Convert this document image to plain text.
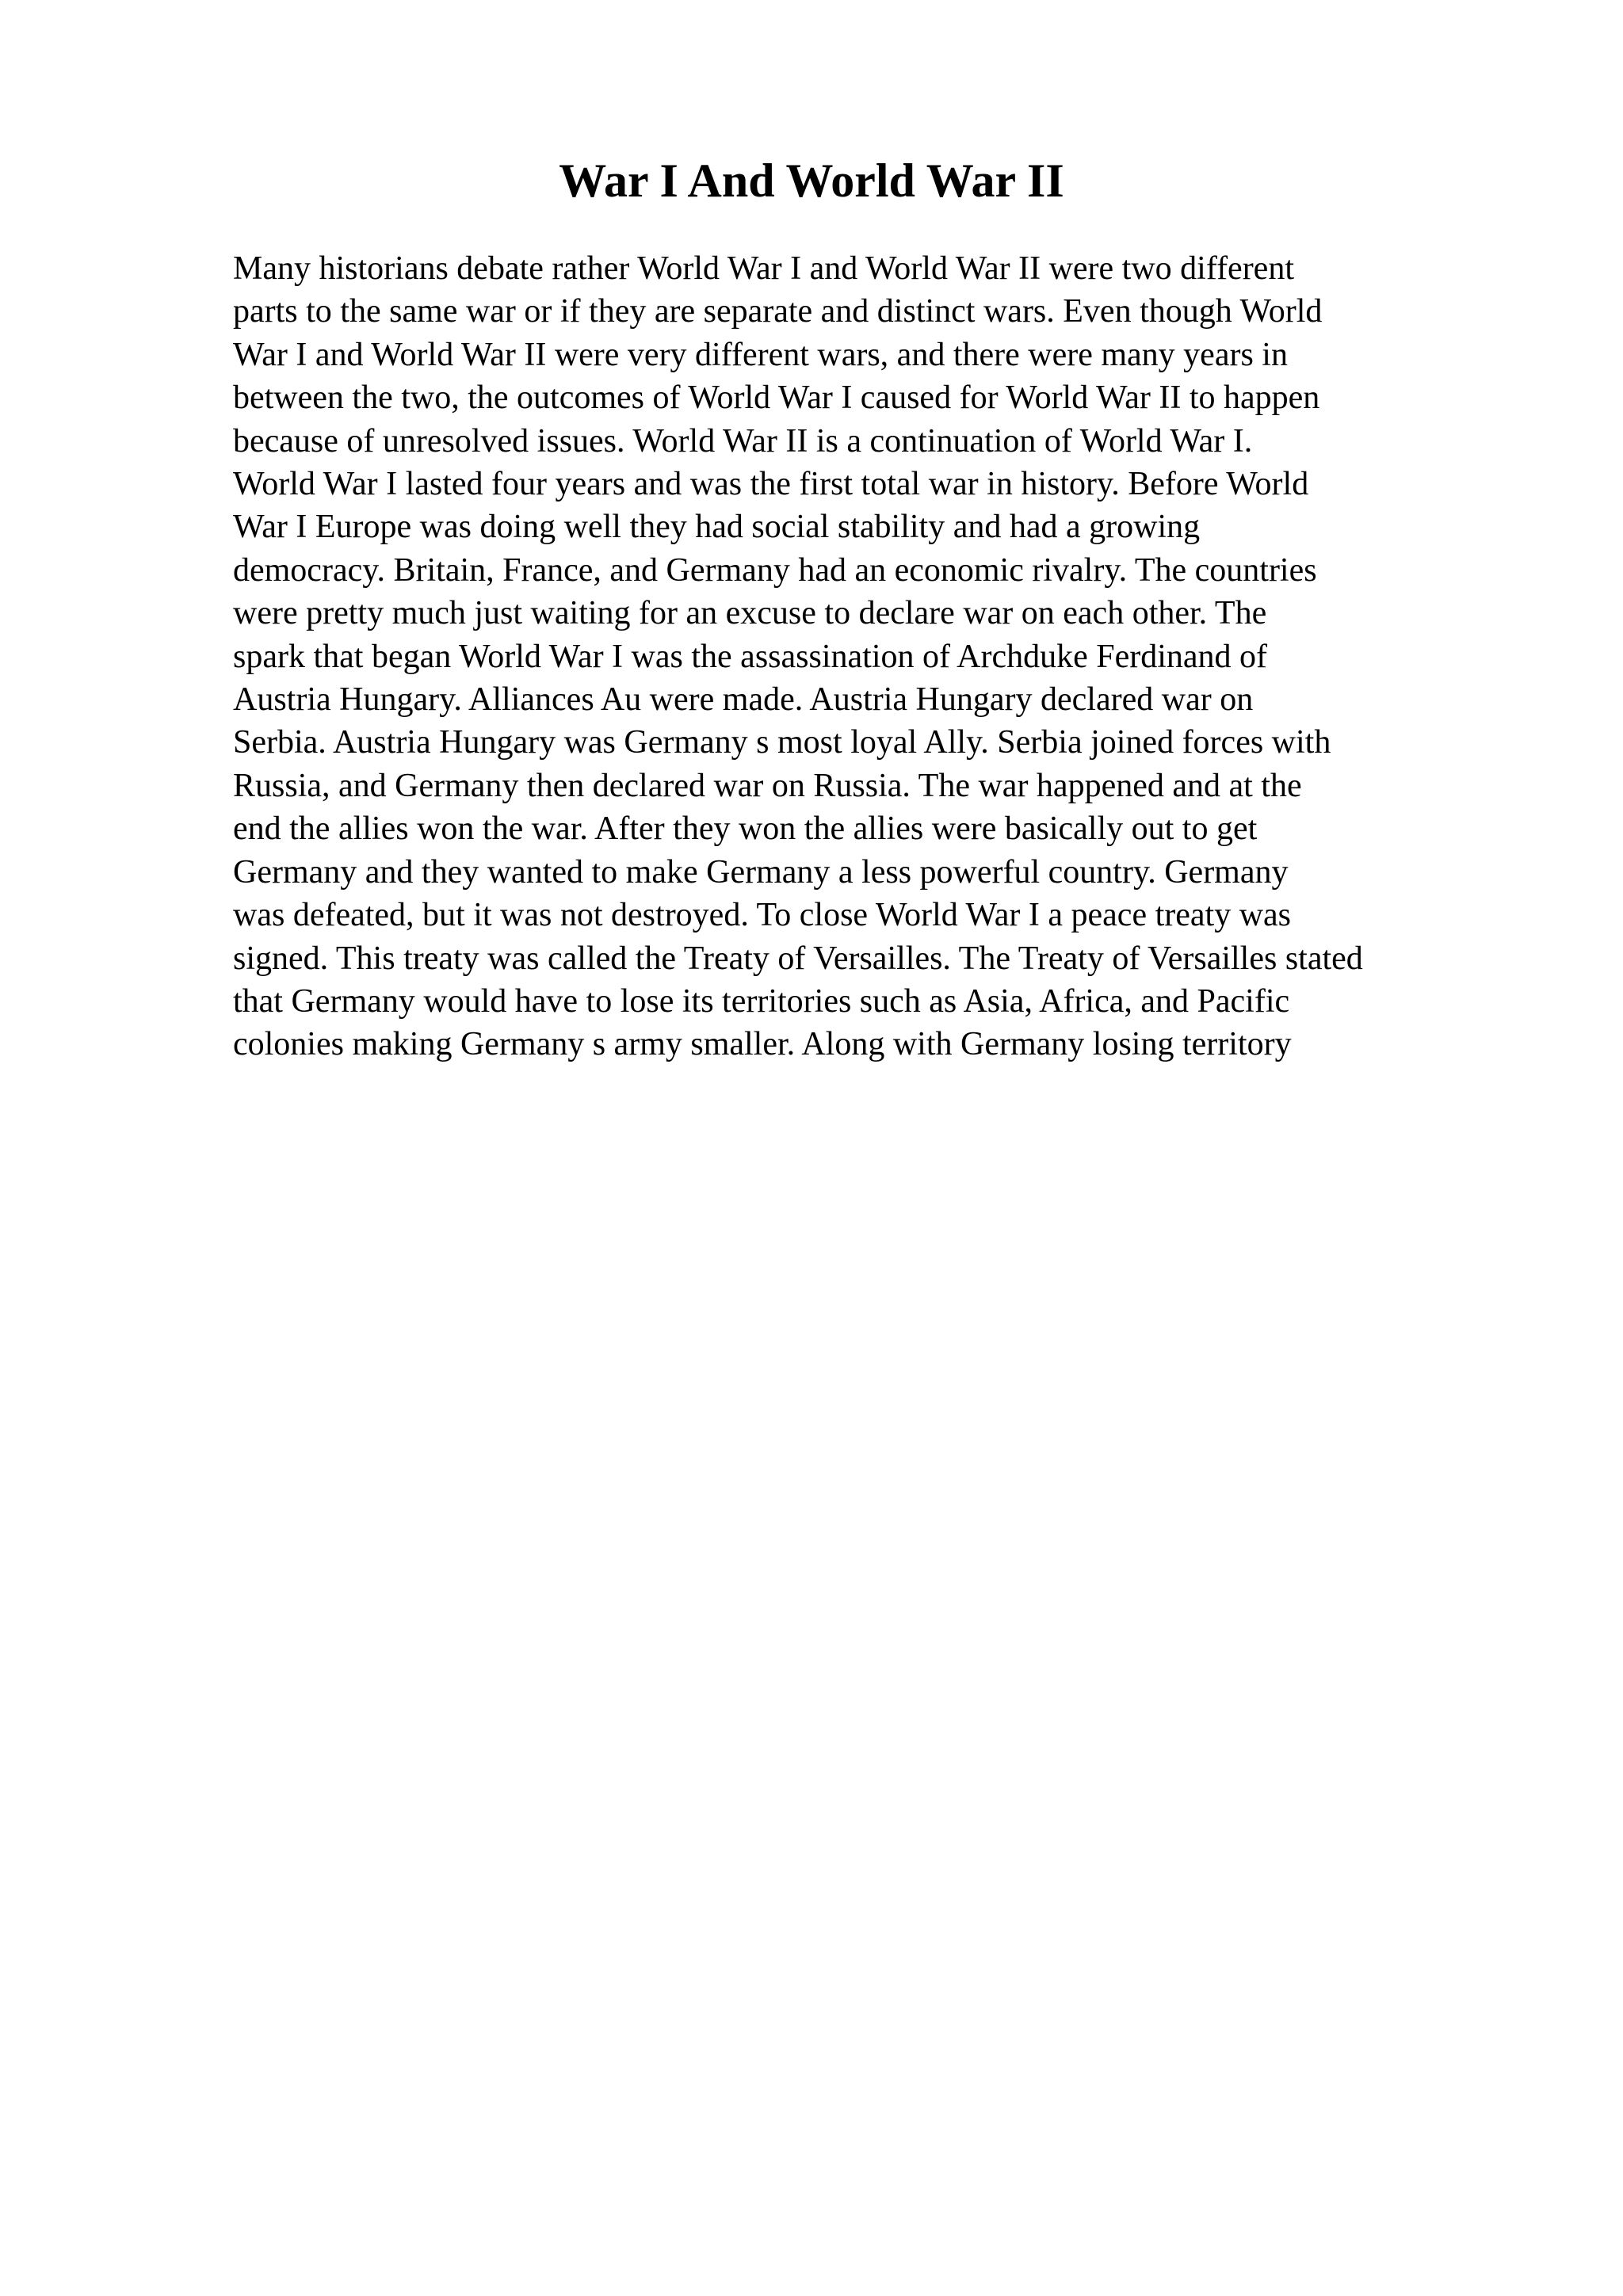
War I And World War II
Many historians debate rather World War I and World War II were two different
parts to the same war or if they are separate and distinct wars. Even though World
War I and World War II were very different wars, and there were many years in
between the two, the outcomes of World War I caused for World War II to happen
because of unresolved issues. World War II is a continuation of World War I.
World War I lasted four years and was the first total war in history. Before World
War I Europe was doing well they had social stability and had a growing
democracy. Britain, France, and Germany had an economic rivalry. The countries
were pretty much just waiting for an excuse to declare war on each other. The
spark that began World War I was the assassination of Archduke Ferdinand of
Austria Hungary. Alliances Au were made. Austria Hungary declared war on
Serbia. Austria Hungary was Germany s most loyal Ally. Serbia joined forces with
Russia, and Germany then declared war on Russia. The war happened and at the
end the allies won the war. After they won the allies were basically out to get
Germany and they wanted to make Germany a less powerful country. Germany
was defeated, but it was not destroyed. To close World War I a peace treaty was
signed. This treaty was called the Treaty of Versailles. The Treaty of Versailles stated
that Germany would have to lose its territories such as Asia, Africa, and Pacific
colonies making Germany s army smaller. Along with Germany losing territory
